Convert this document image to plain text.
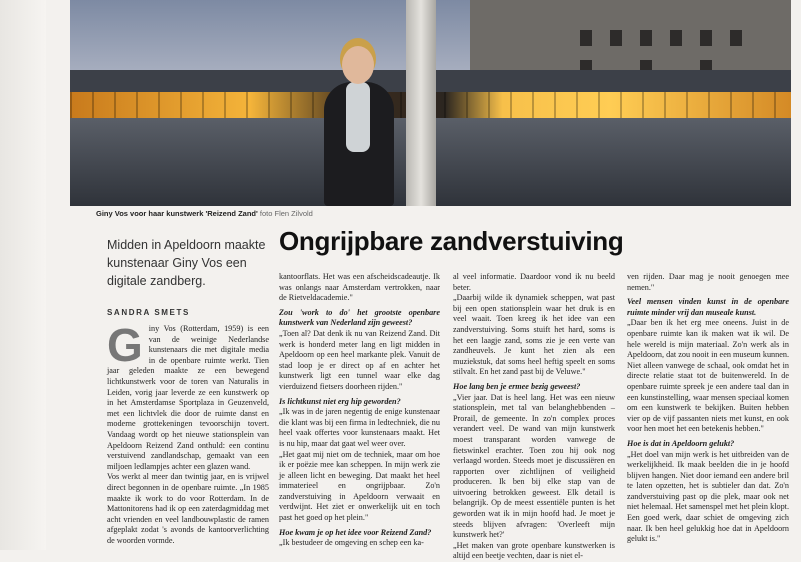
Giny Vos voor haar kunstwerk 'Reizend Zand' foto Flen Zilvold
Midden in Apeldoorn maakte kunstenaar Giny Vos een digitale zandberg.
Ongrijpbare zandverstuiving
SANDRA SMETS
G iny Vos (Rotterdam, 1959) is een van de weinige Nederlandse kunstenaars die met digitale media in de openbare ruimte werkt. Tien jaar geleden maakte ze een bewegend lichtkunstwerk voor de toren van Naturalis in Leiden, vorig jaar leverde ze een kunstwerk op in het Amsterdamse Sportplaza in Geuzenveld, met een lichtvlek die door de ruimte danst en moderne grottekeningen tevoorschijn tovert. Vandaag wordt op het nieuwe stationsplein van Apeldoorn Reizend Zand onthuld: een continu verstuivend zandlandschap, gemaakt van een miljoen ledlampjes achter een glazen wand.

Vos werkt al meer dan twintig jaar, en is vrijwel direct begonnen in de openbare ruimte. „In 1985 maakte ik work to do voor Rotterdam. In de Mattonitorens had ik op een zaterdagmiddag met acht vrienden en veel landbouwplastic de ramen afgeplakt zodat 's avonds de kantoorverlichting de woorden vormde.

kantoorflats. Het was een afscheidscadeautje. Ik was onlangs naar Amsterdam vertrokken, naar de Rietveldacademie."

Zou 'work to do' het grootste openbare kunstwerk van Nederland zijn geweest?

„Toen al? Dat denk ik nu van Reizend Zand. Dit werk is honderd meter lang en ligt midden in Apeldoorn op een heel markante plek. Vanuit de stad loop je er direct op af en achter het kunstwerk ligt een tunnel waar elke dag vierduizend fietsers doorheen rijden."

Is lichtkunst niet erg hip geworden?

„Ik was in de jaren negentig de enige kunstenaar die klant was bij een firma in ledtechniek, die nu heel vaak offertes voor kunstenaars maakt. Het is nu hip, maar dat gaat wel weer over.

„Het gaat mij niet om de techniek, maar om hoe ik er poëzie mee kan scheppen. In mijn werk zie je alleen licht en beweging. Dat maakt het heel immaterieel en ongrijpbaar. Zo'n zandverstuiving in Apeldoorn verwaait en verdwijnt. Het ziet er onwerkelijk uit en toch past het goed op het plein."

Hoe kwam je op het idee voor Reizend Zand?

„Ik bestudeer de omgeving en schep een ka-

al veel informatie. Daardoor vond ik nu beeld beter.

„Daarbij wilde ik dynamiek scheppen, wat past bij een open stationsplein waar het druk is en veel waait. Toen kreeg ik het idee van een zandverstuiving. Soms stuift het hard, soms is het een laagje zand, soms zie je een verte van zandheuvels. Je kunt het zien als een muziekstuk, dat soms heel heftig speelt en soms stilvalt. En het zand past bij de Veluwe."

Hoe lang ben je ermee bezig geweest?

„Vier jaar. Dat is heel lang. Het was een nieuw stationsplein, met tal van belanghebbenden – Prorail, de gemeente. In zo'n complex proces verandert veel. De wand van mijn kunstwerk moest transparant worden vanwege de fietswinkel erachter. Toen zou hij ook nog verlaagd worden. Steeds moet je discussiëren en rapporten over zichtlijnen of veiligheid produceren. Ik ben bij elke stap van de uitvoering betrokken geweest. Elk detail is belangrijk. Op de meest essentiële punten is het geworden wat ik in mijn hoofd had. Je moet je steeds blijven afvragen: 'Overleeft mijn kunstwerk het?'

„Het maken van grote openbare kunstwerken is altijd een beetje vechten, daar is niet el-

ven rijden. Daar mag je nooit genoegen mee nemen."

Veel mensen vinden kunst in de openbare ruimte minder vrij dan museale kunst.

„Daar ben ik het erg mee oneens. Juist in de openbare ruimte kan ik maken wat ik wil. De hele wereld is mijn materiaal. Zo'n werk als in Apeldoorn, dat zou nooit in een museum kunnen. Niet alleen vanwege de schaal, ook omdat het in directe relatie staat tot de buitenwereld. In de openbare ruimte spreek je een andere taal dan in een kunstinstelling, waar mensen speciaal komen om een kunstwerk te bekijken. Buiten hebben vier op de vijf passanten niets met kunst, en ook voor hen moet het een betekenis hebben."

Hoe is dat in Apeldoorn gelukt?

„Het doel van mijn werk is het uitbreiden van de werkelijkheid. Ik maak beelden die in je hoofd blijven hangen. Niet door iemand een andere bril te laten opzetten, het is subtieler dan dat. Zo'n zandverstuiving past op die plek, maar ook net niet helemaal. Het samenspel met het plein klopt. Een goed werk, daar schiet de omgeving zich naar. Ik ben heel gelukkig hoe dat in Apeldoorn gelukt is."
